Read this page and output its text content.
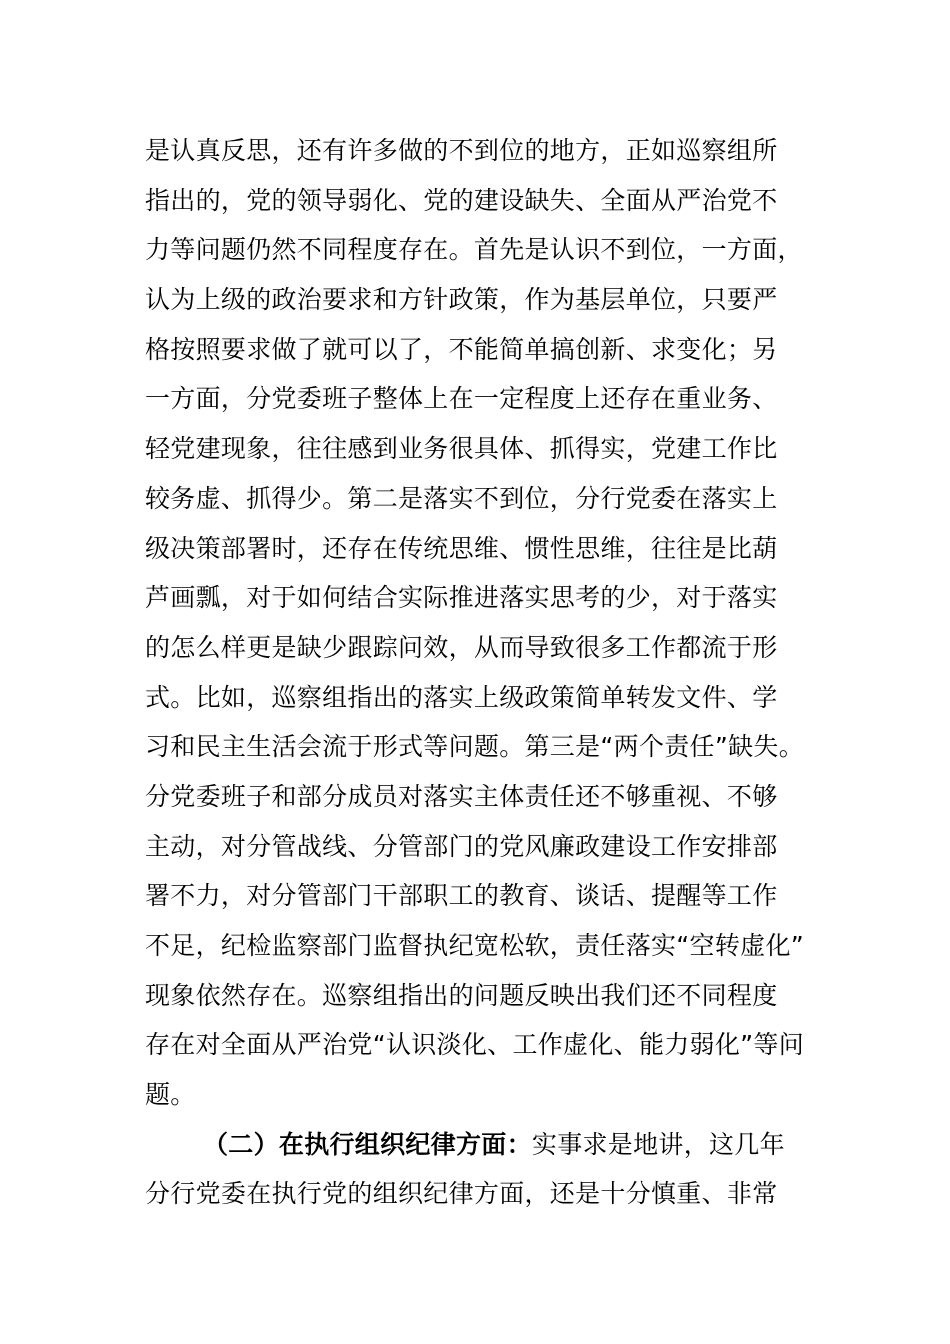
是认真反思，还有许多做的不到位的地方，正如巡察组所
指出的，党的领导弱化、党的建设缺失、全面从严治党不
力等问题仍然不同程度存在。首先是认识不到位，一方面，
认为上级的政治要求和方针政策，作为基层单位，只要严
格按照要求做了就可以了，不能简单搞创新、求变化；另
一方面，分党委班子整体上在一定程度上还存在重业务、
轻党建现象，往往感到业务很具体、抓得实，党建工作比
较务虚、抓得少。第二是落实不到位，分行党委在落实上
级决策部署时，还存在传统思维、惯性思维，往往是比葫
芦画瓢，对于如何结合实际推进落实思考的少，对于落实
的怎么样更是缺少跟踪问效，从而导致很多工作都流于形
式。比如，巡察组指出的落实上级政策简单转发文件、学
习和民主生活会流于形式等问题。第三是“两个责任”缺失。
分党委班子和部分成员对落实主体责任还不够重视、不够
主动，对分管战线、分管部门的党风廉政建设工作安排部
署不力，对分管部门干部职工的教育、谈话、提醒等工作
不足，纪检监察部门监督执纪宽松软，责任落实“空转虚化”
现象依然存在。巡察组指出的问题反映出我们还不同程度
存在对全面从严治党“认识淡化、工作虚化、能力弱化”等问
题。
（二）在执行组织纪律方面：实事求是地讲，这几年
分行党委在执行党的组织纪律方面，还是十分慎重、非常
